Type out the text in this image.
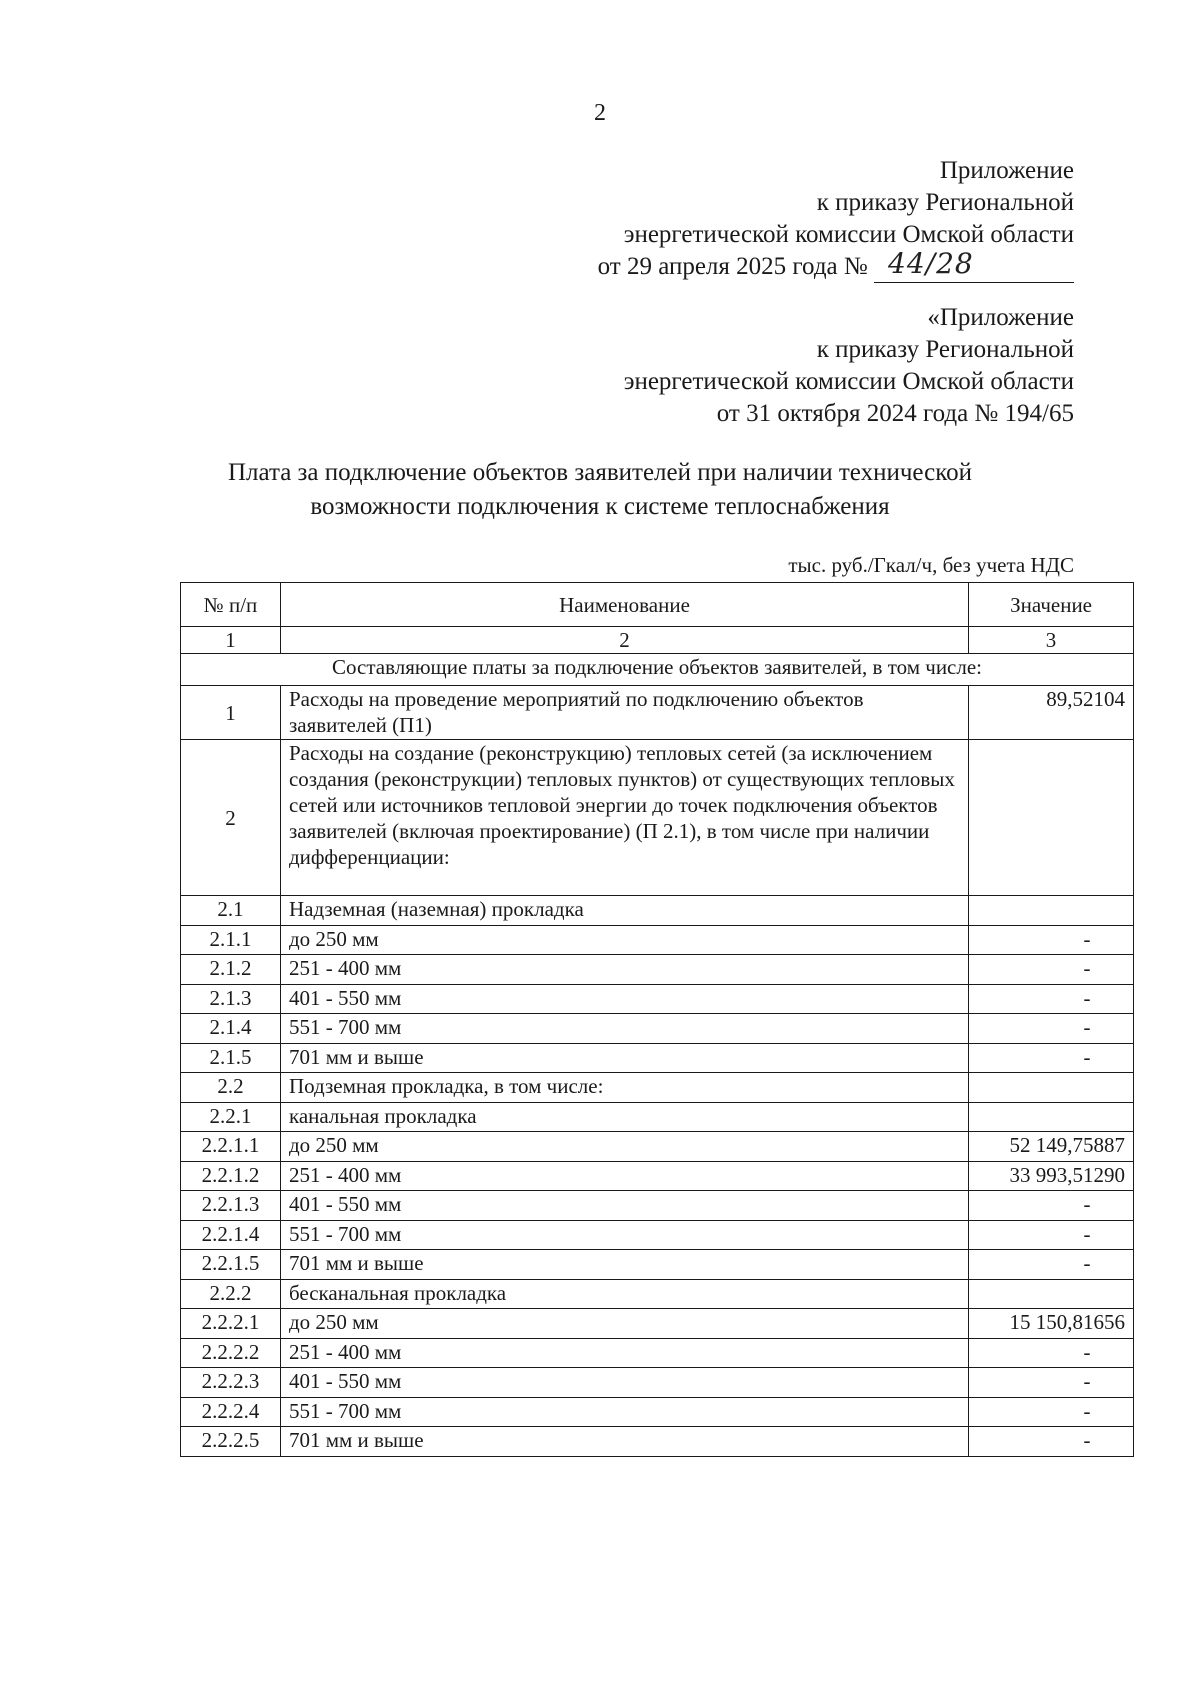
2
Приложение
к приказу Региональной
энергетической комиссии Омской области
от 29 апреля 2025 года № 44/28
«Приложение
к приказу Региональной
энергетической комиссии Омской области
от 31 октября 2024 года № 194/65
Плата за подключение объектов заявителей при наличии технической
возможности подключения к системе теплоснабжения
тыс. руб./Гкал/ч, без учета НДС
№ п/п	Наименование	Значение
1	2	3
Составляющие платы за подключение объектов заявителей, в том числе:		
1	Расходы на проведение мероприятий по подключению объектов заявителей (П1)	89,52104
2	Расходы на создание (реконструкцию) тепловых сетей (за исключением создания (реконструкции) тепловых пунктов) от существующих тепловых сетей или источников тепловой энергии до точек подключения объектов заявителей (включая проектирование) (П 2.1), в том числе при наличии дифференциации:	
2.1	Надземная (наземная) прокладка	
2.1.1	до 250 мм	-
2.1.2	251 - 400 мм	-
2.1.3	401 - 550 мм	-
2.1.4	551 - 700 мм	-
2.1.5	701 мм и выше	-
2.2	Подземная прокладка, в том числе:	
2.2.1	канальная прокладка	
2.2.1.1	до 250 мм	52 149,75887
2.2.1.2	251 - 400 мм	33 993,51290
2.2.1.3	401 - 550 мм	-
2.2.1.4	551 - 700 мм	-
2.2.1.5	701 мм и выше	-
2.2.2	бесканальная прокладка	
2.2.2.1	до 250 мм	15 150,81656
2.2.2.2	251 - 400 мм	-
2.2.2.3	401 - 550 мм	-
2.2.2.4	551 - 700 мм	-
2.2.2.5	701 мм и выше	-
